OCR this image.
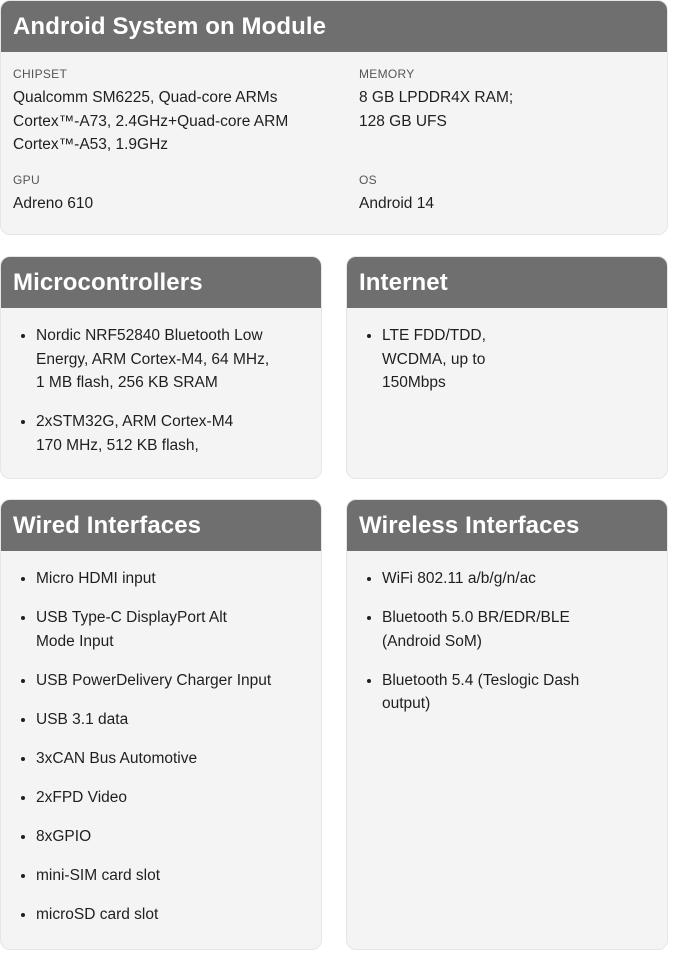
Android System on Module
CHIPSET
Qualcomm SM6225, Quad-core ARMs
Cortex™-A73, 2.4GHz+Quad-core ARM
Cortex™-A53, 1.9GHz
MEMORY
8 GB LPDDR4X RAM;
128 GB UFS
GPU
Adreno 610
OS
Android 14
Microcontrollers
Nordic NRF52840 Bluetooth Low
Energy, ARM Cortex-M4, 64 MHz,
1 MB flash, 256 KB SRAM
2xSTM32G, ARM Cortex-M4
170 MHz, 512 KB flash,
Internet
LTE FDD/TDD,
WCDMA, up to
150Mbps
Wired Interfaces
Micro HDMI input
USB Type-C DisplayPort Alt
Mode Input
USB PowerDelivery Charger Input
USB 3.1 data
3xCAN Bus Automotive
2xFPD Video
8xGPIO
mini-SIM card slot
microSD card slot
Wireless Interfaces
WiFi 802.11 a/b/g/n/ac
Bluetooth 5.0 BR/EDR/BLE
(Android SoM)
Bluetooth 5.4 (Teslogic Dash
output)
